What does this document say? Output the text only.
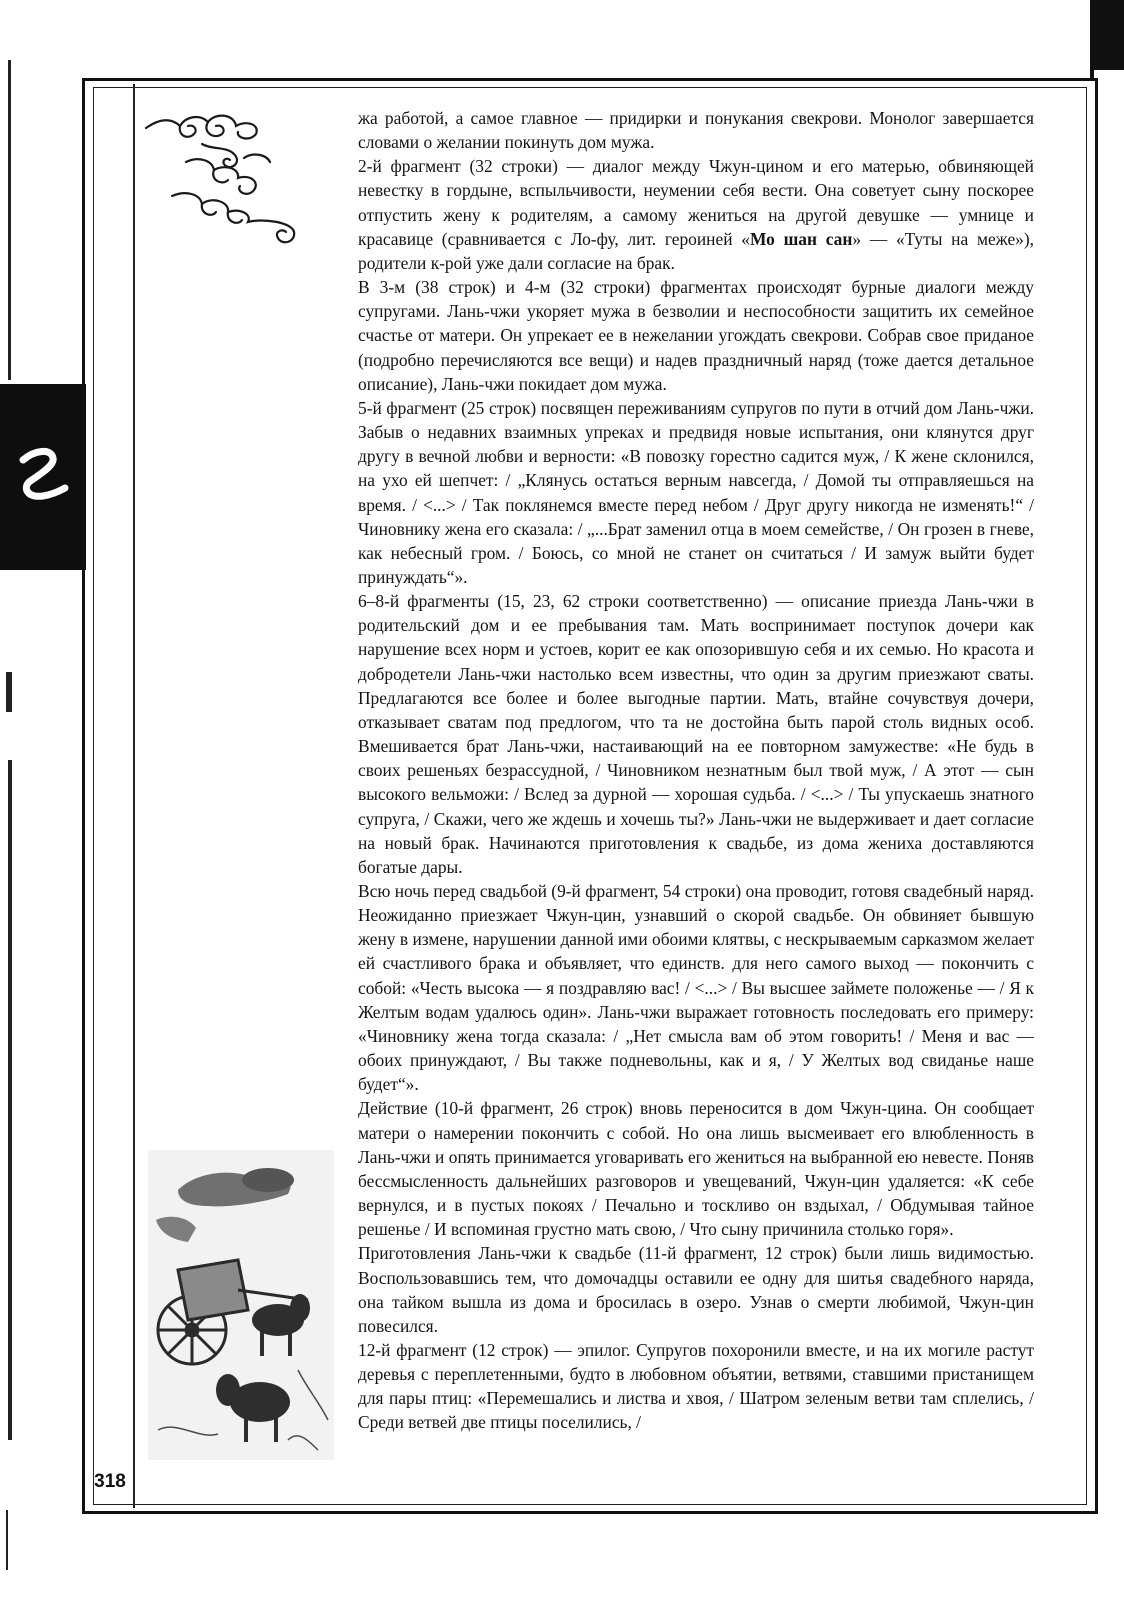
318

жа работой, а самое главное — придирки и понукания свекрови. Монолог завершается словами о желании покинуть дом мужа.

2-й фрагмент (32 строки) — диалог между Чжун-цином и его матерью, обвиняющей невестку в гордыне, вспыльчивости, неумении себя вести. Она советует сыну поскорее отпустить жену к родителям, а самому жениться на другой девушке — умнице и красавице (сравнивается с Ло-фу, лит. героиней «Мо шан сан» — «Туты на меже»), родители к-рой уже дали согласие на брак.

В 3-м (38 строк) и 4-м (32 строки) фрагментах происходят бурные диалоги между супругами. Лань-чжи укоряет мужа в безволии и неспособности защитить их семейное счастье от матери. Он упрекает ее в нежелании угождать свекрови. Собрав свое приданое (подробно перечисляются все вещи) и надев праздничный наряд (тоже дается детальное описание), Лань-чжи покидает дом мужа.

5-й фрагмент (25 строк) посвящен переживаниям супругов по пути в отчий дом Лань-чжи. Забыв о недавних взаимных упреках и предвидя новые испытания, они клянутся друг другу в вечной любви и верности: «В повозку горестно садится муж, / К жене склонился, на ухо ей шепчет: / „Клянусь остаться верным навсегда, / Домой ты отправляешься на время. / <...> / Так поклянемся вместе перед небом / Друг другу никогда не изменять!“ / Чиновнику жена его сказала: / „...Брат заменил отца в моем семействе, / Он грозен в гневе, как небесный гром. / Боюсь, со мной не станет он считаться / И замуж выйти будет принуждать“».

6–8-й фрагменты (15, 23, 62 строки соответственно) — описание приезда Лань-чжи в родительский дом и ее пребывания там. Мать воспринимает поступок дочери как нарушение всех норм и устоев, корит ее как опозорившую себя и их семью. Но красота и добродетели Лань-чжи настолько всем известны, что один за другим приезжают сваты. Предлагаются все более и более выгодные партии. Мать, втайне сочувствуя дочери, отказывает сватам под предлогом, что та не достойна быть парой столь видных особ. Вмешивается брат Лань-чжи, настаивающий на ее повторном замужестве: «Не будь в своих решеньях безрассудной, / Чиновником незнатным был твой муж, / А этот — сын высокого вельможи: / Вслед за дурной — хорошая судьба. / <...> / Ты упускаешь знатного супруга, / Скажи, чего же ждешь и хочешь ты?» Лань-чжи не выдерживает и дает согласие на новый брак. Начинаются приготовления к свадьбе, из дома жениха доставляются богатые дары.

Всю ночь перед свадьбой (9-й фрагмент, 54 строки) она проводит, готовя свадебный наряд. Неожиданно приезжает Чжун-цин, узнавший о скорой свадьбе. Он обвиняет бывшую жену в измене, нарушении данной ими обоими клятвы, с нескрываемым сарказмом желает ей счастливого брака и объявляет, что единств. для него самого выход — покончить с собой: «Честь высока — я поздравляю вас! / <...> / Вы высшее займете положенье — / Я к Желтым водам удалюсь один». Лань-чжи выражает готовность последовать его примеру: «Чиновнику жена тогда сказала: / „Нет смысла вам об этом говорить! / Меня и вас — обоих принуждают, / Вы также подневольны, как и я, / У Желтых вод свиданье наше будет“».

Действие (10-й фрагмент, 26 строк) вновь переносится в дом Чжун-цина. Он сообщает матери о намерении покончить с собой. Но она лишь высмеивает его влюбленность в Лань-чжи и опять принимается уговаривать его жениться на выбранной ею невесте. Поняв бессмысленность дальнейших разговоров и увещеваний, Чжун-цин удаляется: «К себе вернулся, и в пустых покоях / Печально и тоскливо он вздыхал, / Обдумывая тайное решенье / И вспоминая грустно мать свою, / Что сыну причинила столько горя».

Приготовления Лань-чжи к свадьбе (11-й фрагмент, 12 строк) были лишь видимостью. Воспользовавшись тем, что домочадцы оставили ее одну для шитья свадебного наряда, она тайком вышла из дома и бросилась в озеро. Узнав о смерти любимой, Чжун-цин повесился.

12-й фрагмент (12 строк) — эпилог. Супругов похоронили вместе, и на их могиле растут деревья с переплетенными, будто в любовном объятии, ветвями, ставшими пристанищем для пары птиц: «Перемешались и листва и хвоя, / Шатром зеленым ветви там сплелись, / Среди ветвей две птицы поселились, /
